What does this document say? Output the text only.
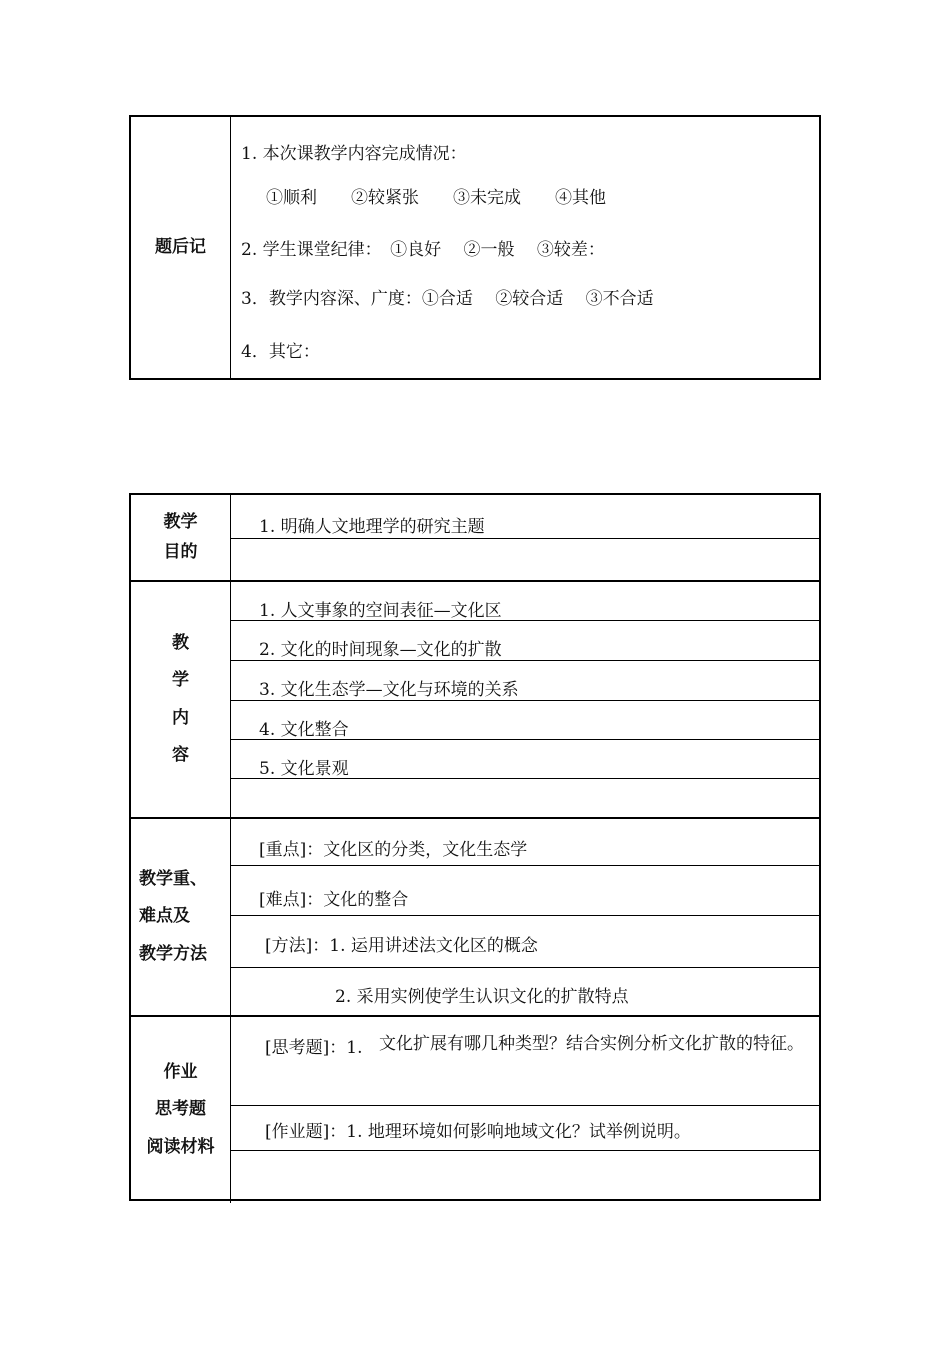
题后记
1. 本次课教学内容完成情况：
①顺利　　②较紧张　　③未完成　　④其他
2. 学生课堂纪律：　①良好　 ②一般　 ③较差：
3．教学内容深、广度：①合适　 ②较合适　 ③不合适
4．其它：
教学
目的
1. 明确人文地理学的研究主题
教
学
内
容
1. 人文事象的空间表征—文化区
2. 文化的时间现象—文化的扩散
3. 文化生态学—文化与环境的关系
4. 文化整合
5. 文化景观
教学重、
难点及
教学方法
[重点]：文化区的分类，文化生态学
[难点]：文化的整合
[方法]：1. 运用讲述法文化区的概念
2. 采用实例使学生认识文化的扩散特点
作业
思考题
阅读材料
[思考题]：1. 文化扩展有哪几种类型？结合实例分析文化扩散的特征。
[作业题]：1. 地理环境如何影响地域文化？试举例说明。
